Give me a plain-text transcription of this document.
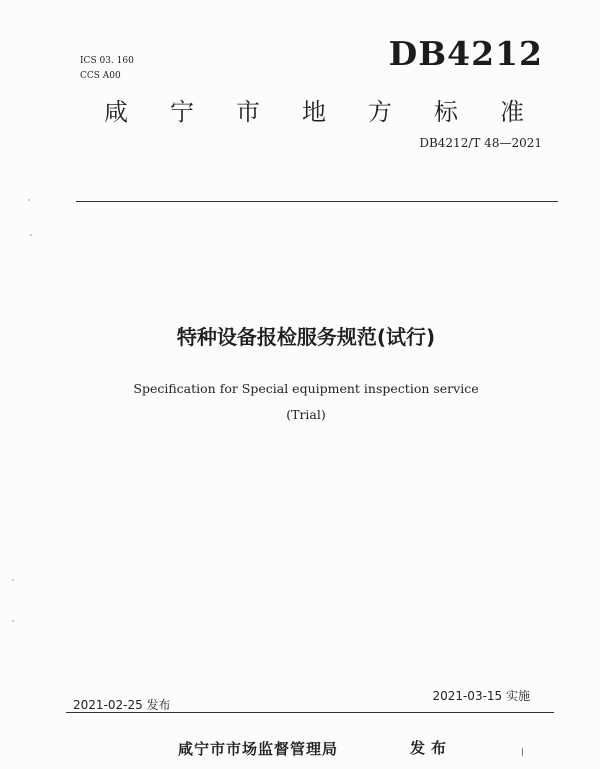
ICS 03. 160
CCS A00
DB4212
咸 宁 市 地 方 标 准
DB4212/T 48—2021
特种设备报检服务规范(试行)
Specification for Special equipment inspection service
(Trial)
2021-02-25 发布
2021-03-15 实施
咸宁市市场监督管理局	发布
